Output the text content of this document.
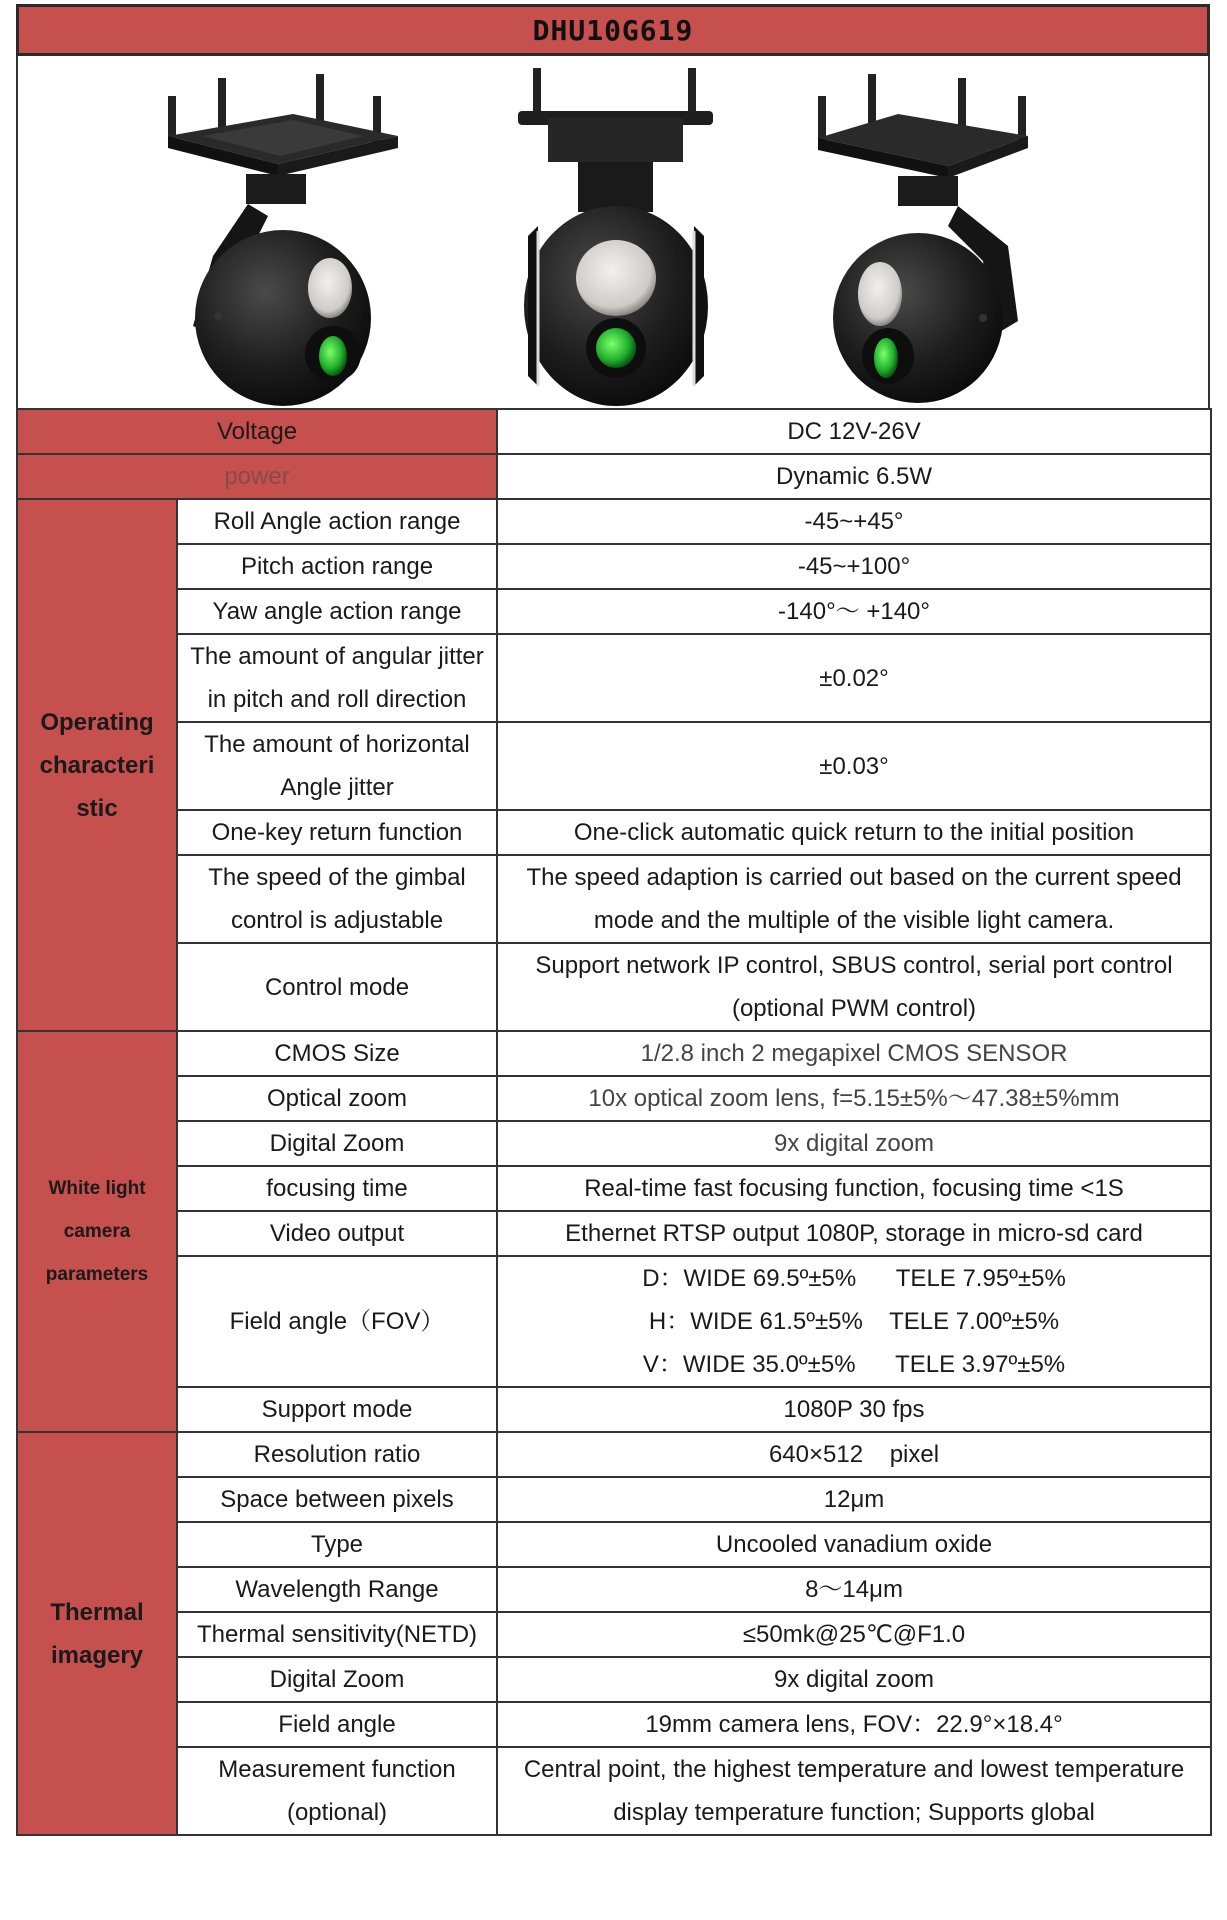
DHU10G619
Voltage		DC 12V-26V
power		Dynamic 6.5W
Operating characteri stic	Roll Angle action range	-45~+45°
	Pitch action range	-45~+100°
	Yaw angle action range	-140°～ +140°
	The amount of angular jitter in pitch and roll direction	±0.02°
	The amount of horizontal Angle jitter	±0.03°
	One-key return function	One-click automatic quick return to the initial position
	The speed of the gimbal control is adjustable	The speed adaption is carried out based on the current speed mode and the multiple of the visible light camera.
	Control mode	Support network IP control, SBUS control, serial port control (optional PWM control)
White light camera parameters	CMOS Size	1/2.8 inch 2 megapixel CMOS SENSOR
	Optical zoom	10x optical zoom lens, f=5.15±5%～47.38±5%mm
	Digital Zoom	9x digital zoom
	focusing time	Real-time fast focusing function, focusing time <1S
	Video output	Ethernet RTSP output 1080P, storage in micro-sd card
	Field angle（FOV）	D：WIDE 69.5º±5%      TELE 7.95º±5%
H：WIDE 61.5º±5%    TELE 7.00º±5%
V：WIDE 35.0º±5%      TELE 3.97º±5%

	Support mode	1080P 30 fps
Thermal imagery	Resolution ratio	640×512    pixel
	Space between pixels	12μm
	Type	Uncooled vanadium oxide
	Wavelength Range	8～14μm
	Thermal sensitivity(NETD)	≤50mk@25℃@F1.0
	Digital Zoom	9x digital zoom
	Field angle	19mm camera lens, FOV：22.9°×18.4°
	Measurement function (optional)	Central point, the highest temperature and lowest temperature display temperature function; Supports global
